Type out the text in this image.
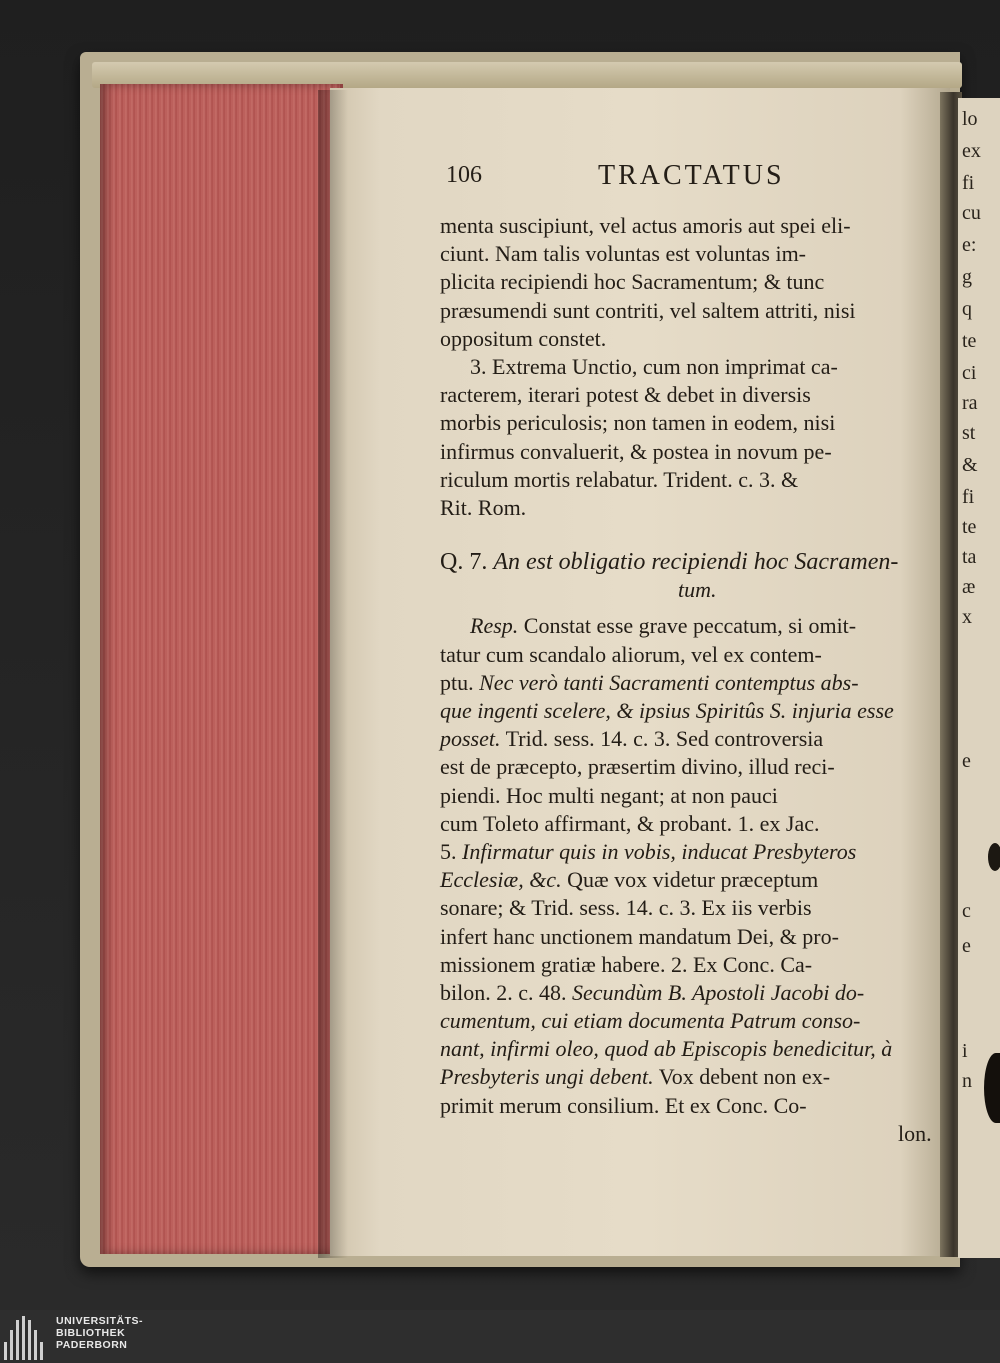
lo
ex
fi
cu
e:
g
q
te
ci
ra
st
&
fi
te
ta
æ
x
e
c
e
i
n
106	TRACTATUS
menta suscipiunt, vel actus amoris aut spei eli-
ciunt. Nam talis voluntas est voluntas im-
plicita recipiendi hoc Sacramentum; & tunc
præsumendi sunt contriti, vel saltem attriti, nisi
oppositum constet.
3. Extrema Unctio, cum non imprimat ca-
racterem, iterari potest & debet in diversis
morbis periculosis; non tamen in eodem, nisi
infirmus convaluerit, & postea in novum pe-
riculum mortis relabatur. Trident. c. 3. &
Rit. Rom.
Q. 7. An est obligatio recipiendi hoc Sacramen-
tum.
Resp. Constat esse grave peccatum, si omit-
tatur cum scandalo aliorum, vel ex contem-
ptu. Nec verò tanti Sacramenti contemptus abs-
que ingenti scelere, & ipsius Spiritûs S. injuria esse
posset. Trid. sess. 14. c. 3. Sed controversia
est de præcepto, præsertim divino, illud reci-
piendi. Hoc multi negant; at non pauci
cum Toleto affirmant, & probant. 1. ex Jac.
5. Infirmatur quis in vobis, inducat Presbyteros
Ecclesiæ, &c. Quæ vox videtur præceptum
sonare; & Trid. sess. 14. c. 3. Ex iis verbis
infert hanc unctionem mandatum Dei, & pro-
missionem gratiæ habere. 2. Ex Conc. Ca-
bilon. 2. c. 48. Secundùm B. Apostoli Jacobi do-
cumentum, cui etiam documenta Patrum conso-
nant, infirmi oleo, quod ab Episcopis benedicitur, à
Presbyteris ungi debent. Vox debent non ex-
primit merum consilium. Et ex Conc. Co-
lon.
UNIVERSITÄTS-
BIBLIOTHEK
PADERBORN
